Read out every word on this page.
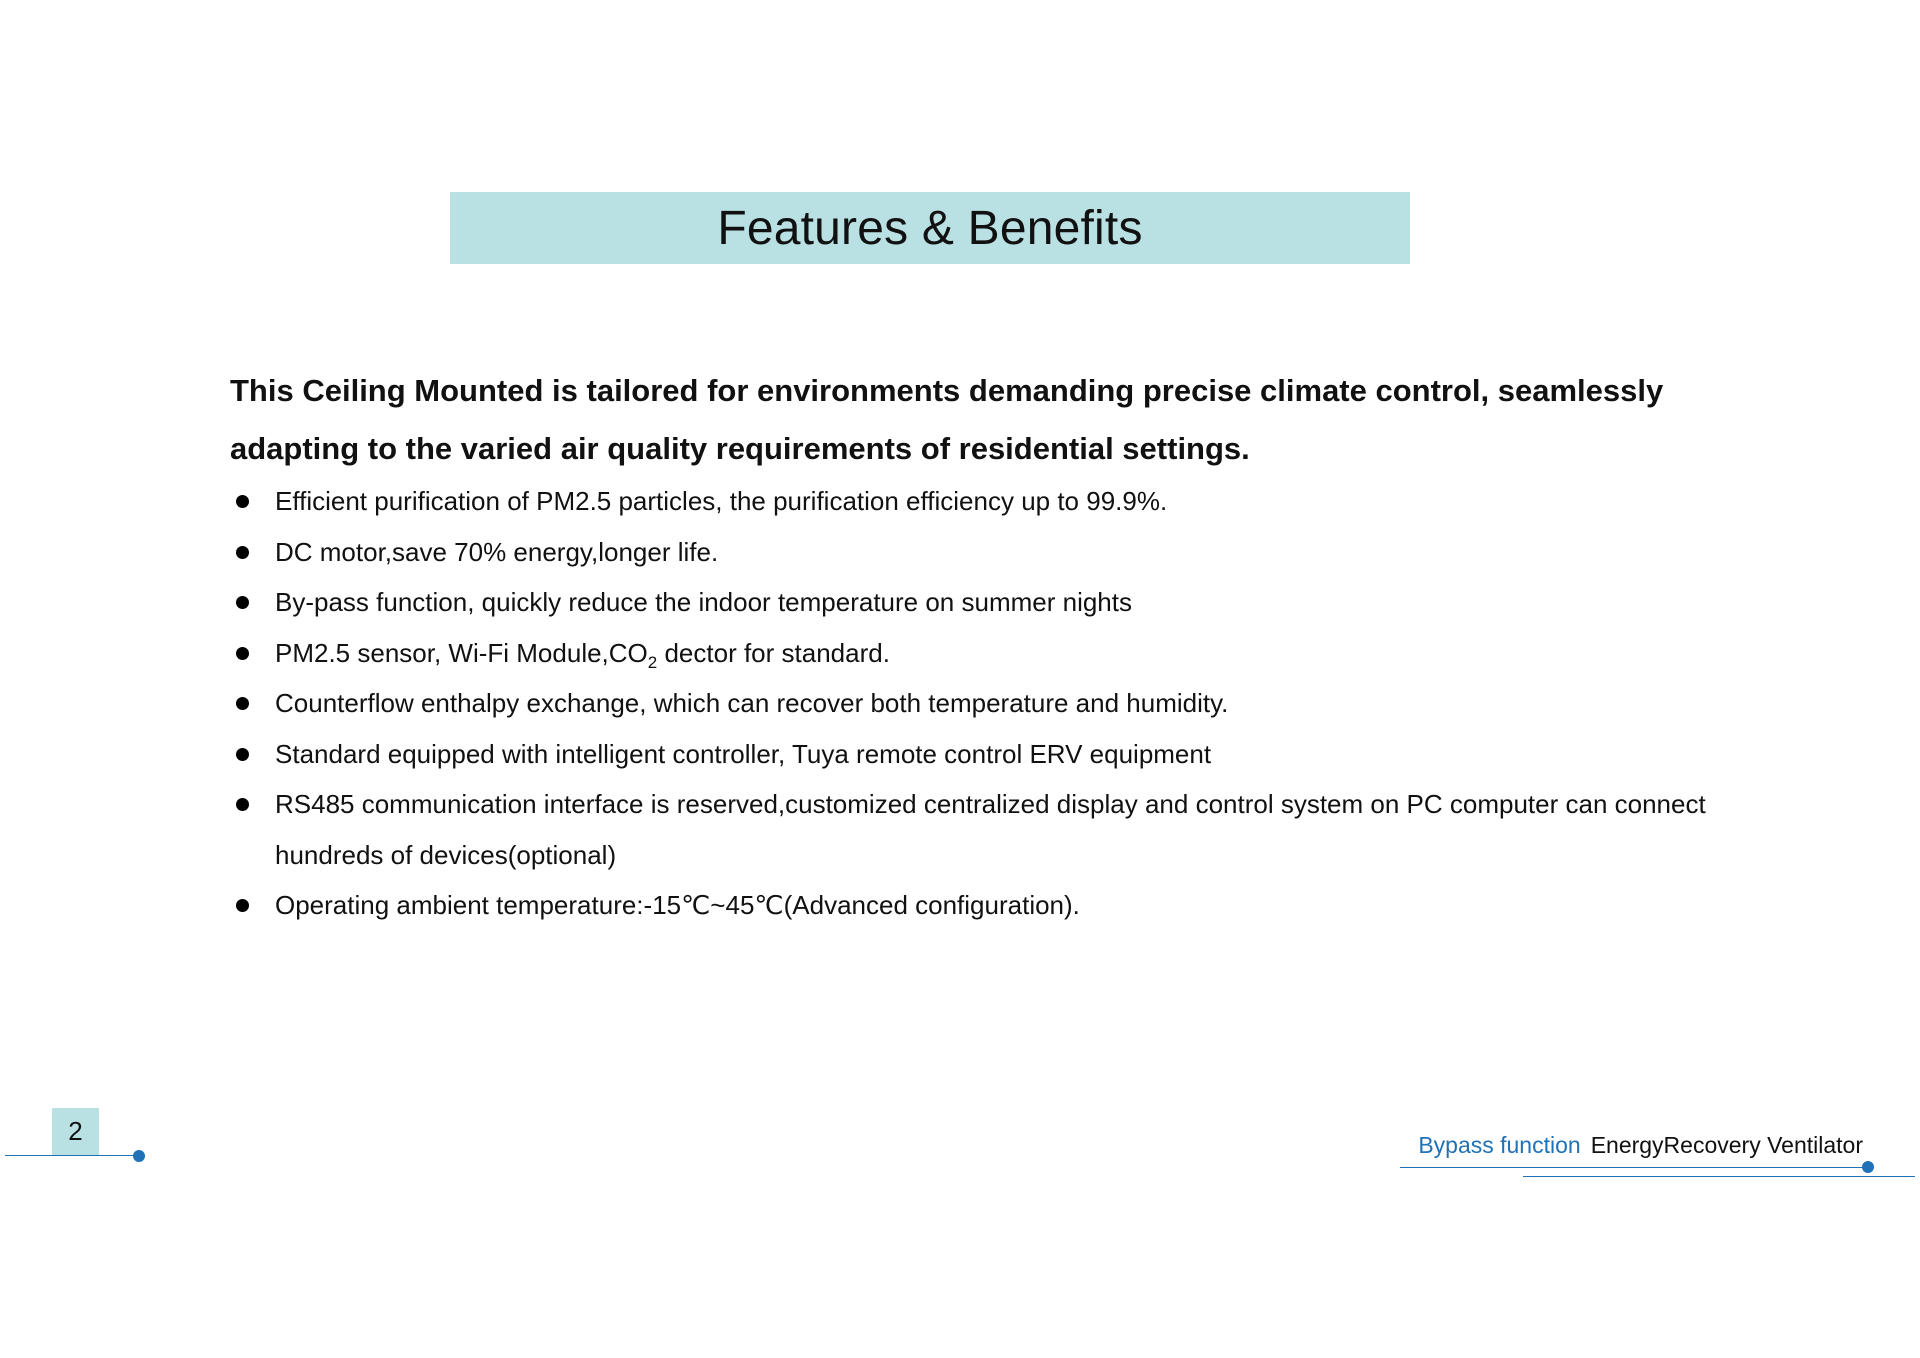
Features & Benefits
This Ceiling Mounted is tailored for environments demanding precise climate control, seamlessly adapting to the varied air quality requirements of residential settings.
Efficient purification of PM2.5 particles, the purification efficiency up to 99.9%.
DC motor,save 70% energy,longer life.
By-pass function, quickly reduce the indoor temperature on summer nights
PM2.5 sensor, Wi-Fi $Module,CO_2$ dector for standard.
Counterflow enthalpy exchange, which can recover both temperature and humidity.
Standard equipped with intelligent controller, Tuya remote control ERV equipment
RS485 communication interface is reserved,customized centralized display and control system on PC computer can connect hundreds of devices(optional)
Operating ambient temperature:-15℃~45℃(Advanced configuration).
2	Bypass function EnergyRecovery Ventilator
